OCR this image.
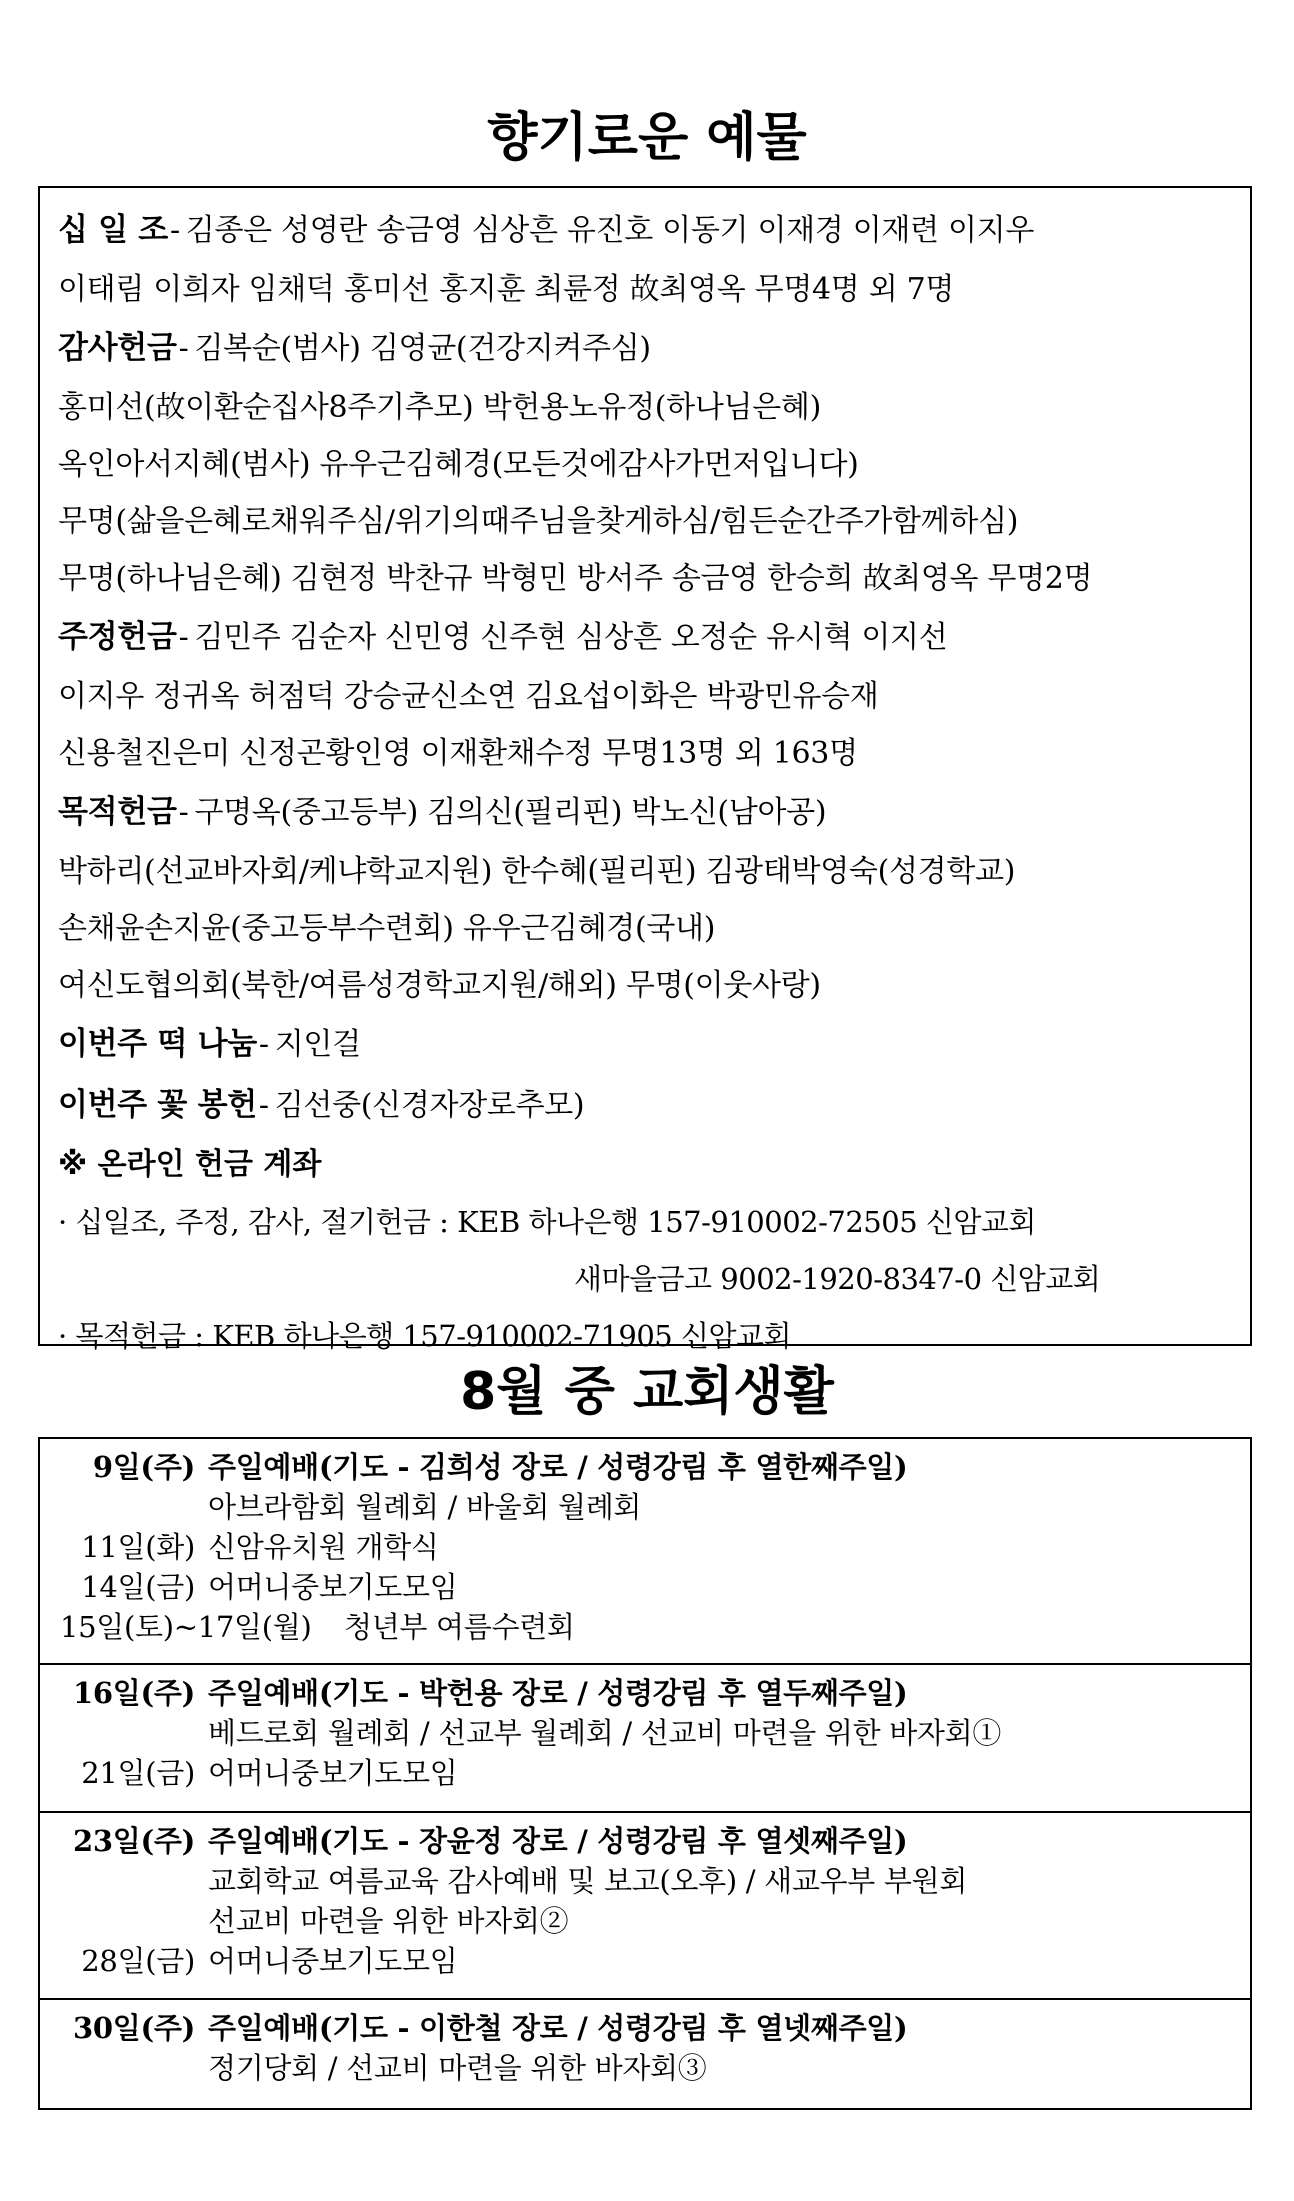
향기로운 예물
십 일 조- 김종은 성영란 송금영 심상흔 유진호 이동기 이재경 이재련 이지우
이태림 이희자 임채덕 홍미선 홍지훈 최륜정 故최영옥 무명4명 외 7명
감사헌금- 김복순(범사) 김영균(건강지켜주심)
홍미선(故이환순집사8주기추모) 박헌용노유정(하나님은혜)
옥인아서지혜(범사) 유우근김혜경(모든것에감사가먼저입니다)
무명(삶을은혜로채워주심/위기의때주님을찾게하심/힘든순간주가함께하심)
무명(하나님은혜) 김현정 박찬규 박형민 방서주 송금영 한승희 故최영옥 무명2명
주정헌금- 김민주 김순자 신민영 신주현 심상흔 오정순 유시혁 이지선
이지우 정귀옥 허점덕 강승균신소연 김요섭이화은 박광민유승재
신용철진은미 신정곤황인영 이재환채수정 무명13명 외 163명
목적헌금- 구명옥(중고등부) 김의신(필리핀) 박노신(남아공)
박하리(선교바자회/케냐학교지원) 한수혜(필리핀) 김광태박영숙(성경학교)
손채윤손지윤(중고등부수련회) 유우근김혜경(국내)
여신도협의회(북한/여름성경학교지원/해외) 무명(이웃사랑)
이번주 떡 나눔- 지인걸
이번주 꽃 봉헌- 김선중(신경자장로추모)
※ 온라인 헌금 계좌
· 십일조, 주정, 감사, 절기헌금 : KEB 하나은행 157-910002-72505 신암교회
새마을금고 9002-1920-8347-0 신암교회
· 목적헌금 : KEB 하나은행 157-910002-71905 신암교회
8월 중 교회생활
9일(주) 주일예배(기도 - 김희성 장로 / 성령강림 후 열한째주일)
아브라함회 월례회 / 바울회 월례회
11일(화) 신암유치원 개학식
14일(금) 어머니중보기도모임
15일(토)~17일(월) 청년부 여름수련회
16일(주) 주일예배(기도 - 박헌용 장로 / 성령강림 후 열두째주일)
베드로회 월례회 / 선교부 월례회 / 선교비 마련을 위한 바자회①
21일(금) 어머니중보기도모임
23일(주) 주일예배(기도 - 장윤정 장로 / 성령강림 후 열셋째주일)
교회학교 여름교육 감사예배 및 보고(오후) / 새교우부 부원회
선교비 마련을 위한 바자회②
28일(금) 어머니중보기도모임
30일(주) 주일예배(기도 - 이한철 장로 / 성령강림 후 열넷째주일)
정기당회 / 선교비 마련을 위한 바자회③
